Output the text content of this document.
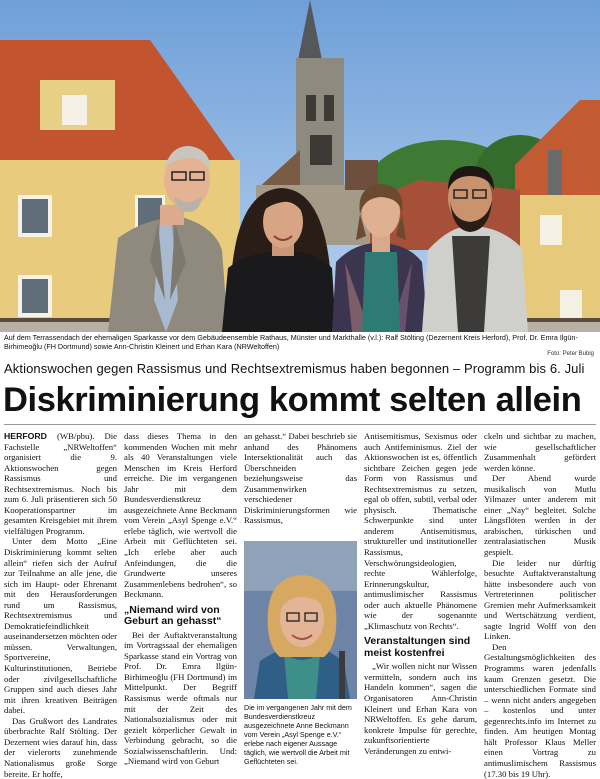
Auf dem Terrassendach der ehemaligen Sparkasse vor dem Gebäudeensemble Rathaus, Münster und Markthalle (v.l.): Ralf Stölting (Dezernent Kreis Herford), Prof. Dr. Emra Ilgün-Birhimeoğlu (FH Dortmund) sowie Ann-Christin Kleinert und Erhan Kara (NRWeltoffen)
Foto: Peter Bubig
Aktionswochen gegen Rassismus und Rechtsextremismus haben begonnen – Programm bis 6. Juli
Diskriminierung kommt selten allein

HERFORD (WB/pbu). Die Fachstelle „NRWeltoffen“ organisiert die 9. Aktionswochen gegen Rassismus und Rechtsextremismus. Noch bis zum 6. Juli präsentieren sich 50 Kooperationspartner im gesamten Kreisgebiet mit ihrem vielfältigen Programm.

Unter dem Motto „Eine Diskriminierung kommt selten allein“ riefen sich der Aufruf zur Teilnahme an alle jene, die sich im Haupt- oder Ehrenamt mit den Herausforderungen rund um Rassismus, Rechtsextremismus und Demokratiefeindlichkeit auseinandersetzen möchten oder müssen. Verwaltungen, Sportvereine, Kulturinstitutionen, Betriebe oder zivilgesellschaftliche Gruppen sind auch dieses Jahr mit ihren kreativen Beiträgen dabei.

Das Grußwort des Landrates überbrachte Ralf Stölting. Der Dezernent wies darauf hin, dass der vielerorts zunehmende Nationalismus große Sorge bereite. Er hoffe,

dass dieses Thema in den kommenden Wochen mit mehr als 40 Veranstaltungen viele Menschen im Kreis Herford erreiche. Die im vergangenen Jahr mit dem Bundesverdienstkreuz ausgezeichnete Anne Beckmann vom Verein „Asyl Spenge e.V.“ erlebe täglich, wie wertvoll die Arbeit mit Geflüchteten sei. „Ich erlebe aber auch Anfeindungen, die die Grundwerte unseres Zusammenlebens bedrohen“, so Beckmann.

„Niemand wird von Geburt an gehasst“

Bei der Auftaktveranstaltung im Vortragssaal der ehemaligen Sparkasse stand ein Vortrag von Prof. Dr. Emra Ilgün-Birhimeoğlu (FH Dortmund) im Mittelpunkt. Der Begriff Rassismus werde oftmals nur mit der Zeit des Nationalsozialismus oder mit gezielt körperlicher Gewalt in Verbindung gebracht, so die Sozialwissenschaftlerin. Und: „Niemand wird von Geburt

an gehasst.“ Dabei beschrieb sie anhand des Phänomens Intersektionalität auch das Überschneiden beziehungsweise das Zusammenwirken verschiedener Diskriminierungsformen wie Rassismus,

Die im vergangenen Jahr mit dem Bundesverdienstkreuz ausgezeichnete Anne Beckmann vom Verein „Asyl Spenge e.V.“ erlebe nach eigener Aussage täglich, wie wertvoll die Arbeit mit Geflüchteten sei.

Antisemitismus, Sexismus oder auch Antifeminismus. Ziel der Aktionswochen ist es, öffentlich sichtbare Zeichen gegen jede Form von Rassismus und Rechtsextremismus zu setzen, egal ob offen, subtil, verbal oder physisch. Thematische Schwerpunkte sind unter anderem Antisemitismus, struktureller und institutioneller Rassismus, Verschwörungsideologien, rechte Wählerfolge, Erinnerungskultur, antimuslimischer Rassismus oder auch aktuelle Phänomene wie der sogenannte „Klimaschutz von Rechts“.

Veranstaltungen sind meist kostenfrei

„Wir wollen nicht nur Wissen vermitteln, sondern auch ins Handeln kommen“, sagen die Organisatoren Ann-Christin Kleinert und Erhan Kara von NRWeltoffen. Es gehe darum, konkrete Impulse für gerechte, zukunftsorientierte Veränderungen zu entwi-

ckeln und sichtbar zu machen, wie gesellschaftlicher Zusammenhalt gefördert werden könne.

Der Abend wurde musikalisch von Mutlu Yilmazer unter anderem mit einer „Nay“ begleitet. Solche Längsflöten werden in der arabischen, türkischen und zentralasiatischen Musik gespielt.

Die leider nur dürftig besuchte Auftaktveranstaltung hätte insbesondere auch von Vertreterinnen politischer Gremien mehr Aufmerksamkeit und Wertschätzung verdient, sagte Ingrid Wolff von den Linken.

Den Gestaltungsmöglichkeiten des Programms waren jedenfalls kaum Grenzen gesetzt. Die unterschiedlichen Formate sind – wenn nicht anders angegeben – kostenlos und unter gegenrechts.info im Internet zu finden. Am heutigen Montag hält Professor Klaus Meller einen Vortrag zu antimuslimischem Rassismus (17.30 bis 19 Uhr).
